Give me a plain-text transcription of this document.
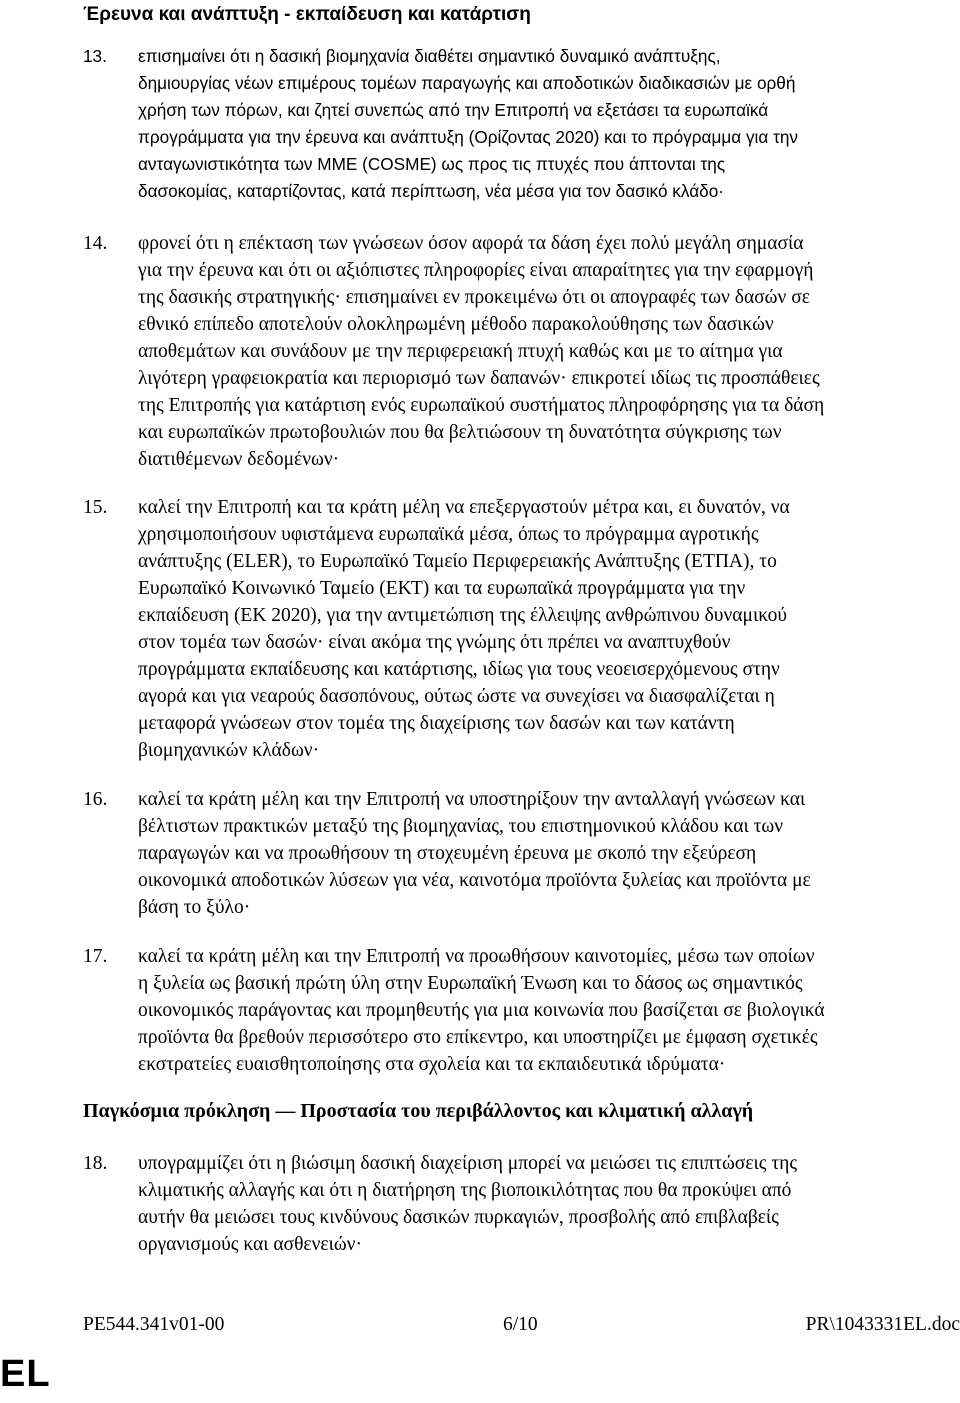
Έρευνα και ανάπτυξη - εκπαίδευση και κατάρτιση
13. επισημαίνει ότι η δασική βιομηχανία διαθέτει σημαντικό δυναμικό ανάπτυξης,
δημιουργίας νέων επιμέρους τομέων παραγωγής και αποδοτικών διαδικασιών με ορθή
χρήση των πόρων, και ζητεί συνεπώς από την Επιτροπή να εξετάσει τα ευρωπαϊκά
προγράμματα για την έρευνα και ανάπτυξη (Ορίζοντας 2020) και το πρόγραμμα για την
ανταγωνιστικότητα των ΜΜΕ (COSME) ως προς τις πτυχές που άπτονται της
δασοκομίας, καταρτίζοντας, κατά περίπτωση, νέα μέσα για τον δασικό κλάδο·
14. φρονεί ότι η επέκταση των γνώσεων όσον αφορά τα δάση έχει πολύ μεγάλη σημασία
για την έρευνα και ότι οι αξιόπιστες πληροφορίες είναι απαραίτητες για την εφαρμογή
της δασικής στρατηγικής· επισημαίνει εν προκειμένω ότι οι απογραφές των δασών σε
εθνικό επίπεδο αποτελούν ολοκληρωμένη μέθοδο παρακολούθησης των δασικών
αποθεμάτων και συνάδουν με την περιφερειακή πτυχή καθώς και με το αίτημα για
λιγότερη γραφειοκρατία και περιορισμό των δαπανών· επικροτεί ιδίως τις προσπάθειες
της Επιτροπής για κατάρτιση ενός ευρωπαϊκού συστήματος πληροφόρησης για τα δάση
και ευρωπαϊκών πρωτοβουλιών που θα βελτιώσουν τη δυνατότητα σύγκρισης των
διατιθέμενων δεδομένων·
15. καλεί την Επιτροπή και τα κράτη μέλη να επεξεργαστούν μέτρα και, ει δυνατόν, να
χρησιμοποιήσουν υφιστάμενα ευρωπαϊκά μέσα, όπως το πρόγραμμα αγροτικής
ανάπτυξης (ELER), το Ευρωπαϊκό Ταμείο Περιφερειακής Ανάπτυξης (ΕΤΠΑ), το
Ευρωπαϊκό Κοινωνικό Ταμείο (ΕΚΤ) και τα ευρωπαϊκά προγράμματα για την
εκπαίδευση (ΕΚ 2020), για την αντιμετώπιση της έλλειψης ανθρώπινου δυναμικού
στον τομέα των δασών· είναι ακόμα της γνώμης ότι πρέπει να αναπτυχθούν
προγράμματα εκπαίδευσης και κατάρτισης, ιδίως για τους νεοεισερχόμενους στην
αγορά και για νεαρούς δασοπόνους, ούτως ώστε να συνεχίσει να διασφαλίζεται η
μεταφορά γνώσεων στον τομέα της διαχείρισης των δασών και των κατάντη
βιομηχανικών κλάδων·
16. καλεί τα κράτη μέλη και την Επιτροπή να υποστηρίξουν την ανταλλαγή γνώσεων και
βέλτιστων πρακτικών μεταξύ της βιομηχανίας, του επιστημονικού κλάδου και των
παραγωγών και να προωθήσουν τη στοχευμένη έρευνα με σκοπό την εξεύρεση
οικονομικά αποδοτικών λύσεων για νέα, καινοτόμα προϊόντα ξυλείας και προϊόντα με
βάση το ξύλο·
17. καλεί τα κράτη μέλη και την Επιτροπή να προωθήσουν καινοτομίες, μέσω των οποίων
η ξυλεία ως βασική πρώτη ύλη στην Ευρωπαϊκή Ένωση και το δάσος ως σημαντικός
οικονομικός παράγοντας και προμηθευτής για μια κοινωνία που βασίζεται σε βιολογικά
προϊόντα θα βρεθούν περισσότερο στο επίκεντρο, και υποστηρίζει με έμφαση σχετικές
εκστρατείες ευαισθητοποίησης στα σχολεία και τα εκπαιδευτικά ιδρύματα·
Παγκόσμια πρόκληση — Προστασία του περιβάλλοντος και κλιματική αλλαγή
18. υπογραμμίζει ότι η βιώσιμη δασική διαχείριση μπορεί να μειώσει τις επιπτώσεις της
κλιματικής αλλαγής και ότι η διατήρηση της βιοποικιλότητας που θα προκύψει από
αυτήν θα μειώσει τους κινδύνους δασικών πυρκαγιών, προσβολής από επιβλαβείς
οργανισμούς και ασθενειών·
PE544.341v01-00	6/10	PR\1043331EL.doc
EL
